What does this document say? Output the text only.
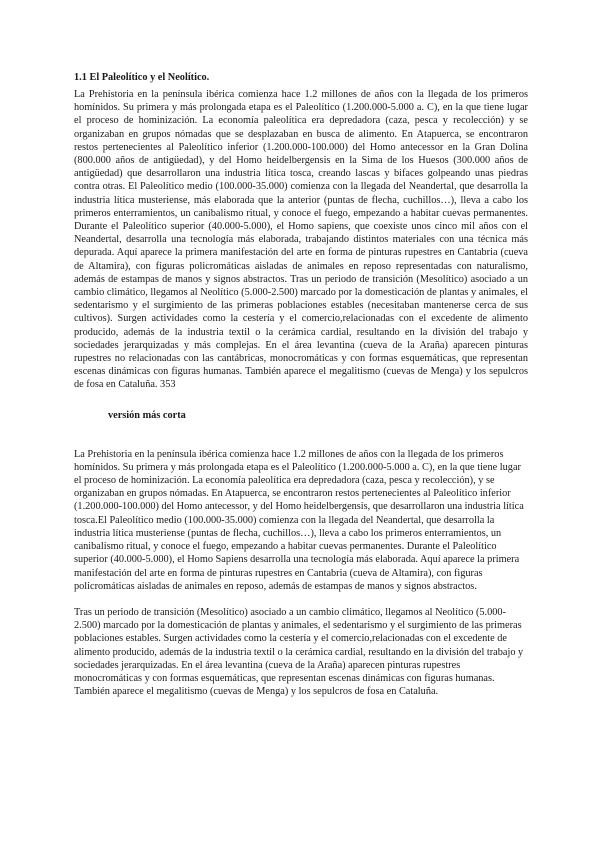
1.1 El Paleolítico y el Neolítico.

La Prehistoria en la península ibérica comienza hace 1.2 millones de años con la llegada de los primeros homínidos. Su primera y más prolongada etapa es el Paleolítico (1.200.000-5.000 a. C), en la que tiene lugar el proceso de hominización. La economía paleolítica era depredadora (caza, pesca y recolección) y se organizaban en grupos nómadas que se desplazaban en busca de alimento. En Atapuerca, se encontraron restos pertenecientes al Paleolítico inferior (1.200.000-100.000) del Homo antecessor en la Gran Dolina (800.000 años de antigüedad), y del Homo heidelbergensis en la Sima de los Huesos (300.000 años de antigüedad) que desarrollaron una industria lítica tosca, creando lascas y bifaces golpeando unas piedras contra otras. El Paleolítico medio (100.000-35.000) comienza con la llegada del Neandertal, que desarrolla la industria lítica musteriense, más elaborada que la anterior (puntas de flecha, cuchillos…), lleva a cabo los primeros enterramientos, un canibalismo ritual, y conoce el fuego, empezando a habitar cuevas permanentes. Durante el Paleolítico superior (40.000-5.000), el Homo sapiens, que coexiste unos cinco mil años con el Neandertal, desarrolla una tecnología más elaborada, trabajando distintos materiales con una técnica más depurada. Aquí aparece la primera manifestación del arte en forma de pinturas rupestres en Cantabria (cueva de Altamira), con figuras policromáticas aisladas de animales en reposo representadas con naturalismo, además de estampas de manos y signos abstractos. Tras un periodo de transición (Mesolítico) asociado a un cambio climático, llegamos al Neolítico (5.000-2.500) marcado por la domesticación de plantas y animales, el sedentarismo y el surgimiento de las primeras poblaciones estables (necesitaban mantenerse cerca de sus cultivos). Surgen actividades como la cestería y el comercio,relacionadas con el excedente de alimento producido, además de la industria textil o la cerámica cardial, resultando en la división del trabajo y sociedades jerarquizadas y más complejas. En el área levantina (cueva de la Araña) aparecen pinturas rupestres no relacionadas con las cantábricas, monocromáticas y con formas esquemáticas, que representan escenas dinámicas con figuras humanas. También aparece el megalitismo (cuevas de Menga) y los sepulcros de fosa en Cataluña. 353

versión más corta

La Prehistoria en la península ibérica comienza hace 1.2 millones de años con la llegada de los primeros homínidos. Su primera y más prolongada etapa es el Paleolítico (1.200.000-5.000 a. C), en la que tiene lugar el proceso de hominización. La economía paleolítica era depredadora (caza, pesca y recolección), y se organizaban en grupos nómadas. En Atapuerca, se encontraron restos pertenecientes al Paleolítico inferior (1.200.000-100.000) del Homo antecessor, y del Homo heidelbergensis, que desarrollaron una industria lítica tosca.El Paleolítico medio (100.000-35.000) comienza con la llegada del Neandertal, que desarrolla la industria lítica musteriense (puntas de flecha, cuchillos…), lleva a cabo los primeros enterramientos, un canibalismo ritual, y conoce el fuego, empezando a habitar cuevas permanentes. Durante el Paleolítico superior (40.000-5.000), el Homo Sapiens desarrolla una tecnología más elaborada. Aquí aparece la primera manifestación del arte en forma de pinturas rupestres en Cantabria (cueva de Altamira), con figuras policromáticas aisladas de animales en reposo, además de estampas de manos y signos abstractos.

Tras un periodo de transición (Mesolítico) asociado a un cambio climático, llegamos al Neolítico (5.000-2.500) marcado por la domesticación de plantas y animales, el sedentarismo y el surgimiento de las primeras poblaciones estables. Surgen actividades como la cestería y el comercio,relacionadas con el excedente de alimento producido, además de la industria textil o la cerámica cardial, resultando en la división del trabajo y sociedades jerarquizadas. En el área levantina (cueva de la Araña) aparecen pinturas rupestres monocromáticas y con formas esquemáticas, que representan escenas dinámicas con figuras humanas. También aparece el megalitismo (cuevas de Menga) y los sepulcros de fosa en Cataluña.
